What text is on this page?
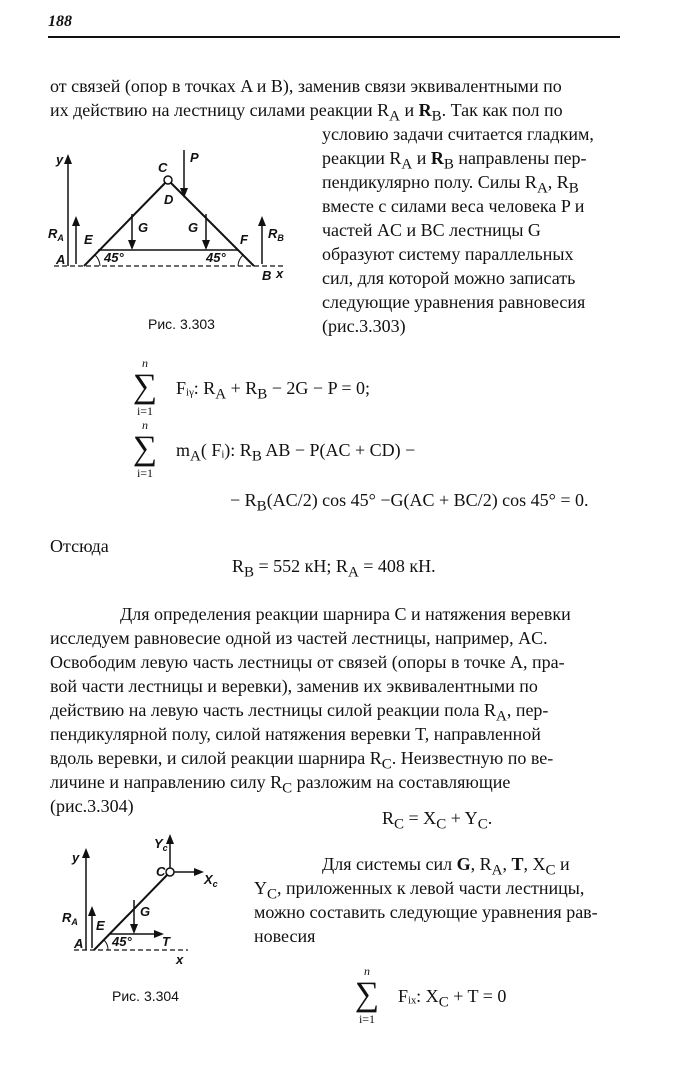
188
от связей (опор в точках A и B), заменив связи эквивалентными по
их действию на лестницу силами реакции $R_A$ и $R_B$. Так как пол по
условию задачи считается гладким,
реакции $R_A$ и $R_B$ направлены пер-
пендикулярно полу. Силы $R_A$, $R_B$
вместе с силами веса человека P и
частей AC и BC лестницы G
образуют систему параллельных
сил, для которой можно записать
следующие уравнения равновесия
(рис.3.303)
y
x
P
C
D
G	G
$R_A$	$R_B$
E	F
A
B
45°	45°
Рис. 3.303
n
∑
i=1
Fᵢᵧ: $R_A + R_B - 2G - P = 0$;
n
∑
i=1
$m_A$( Fᵢ): $R_B$ AB − P(AC + CD) −
− $R_B(AC/2)$ cos 45° −G(AC + BC/2) cos 45° = 0.
Отсюда
$R_B = 552$ кН; $R_A = 408$ кН.
Для определения реакции шарнира C и натяжения веревки
исследуем равновесие одной из частей лестницы, например, AC.
Освободим левую часть лестницы от связей (опоры в точке A, пра-
вой части лестницы и веревки), заменив их эквивалентными по
действию на левую часть лестницы силой реакции пола $R_A$, пер-
пендикулярной полу, силой натяжения веревки T, направленной
вдоль веревки, и силой реакции шарнира $R_C$. Неизвестную по ве-
личине и направлению силу $R_C$ разложим на составляющие
(рис.3.304)
$R_C = X_C + Y_C$.
y
x
$Y_c$
C
$X_c$
G
T
$R_A$ E
A 45°
Рис. 3.304
Для системы сил G, $R_A$, T, $X_C$ и
$Y_C$, приложенных к левой части лестницы,
можно составить следующие уравнения рав-
новесия
n
∑
i=1
Fᵢₓ: $X_C + T = 0$
